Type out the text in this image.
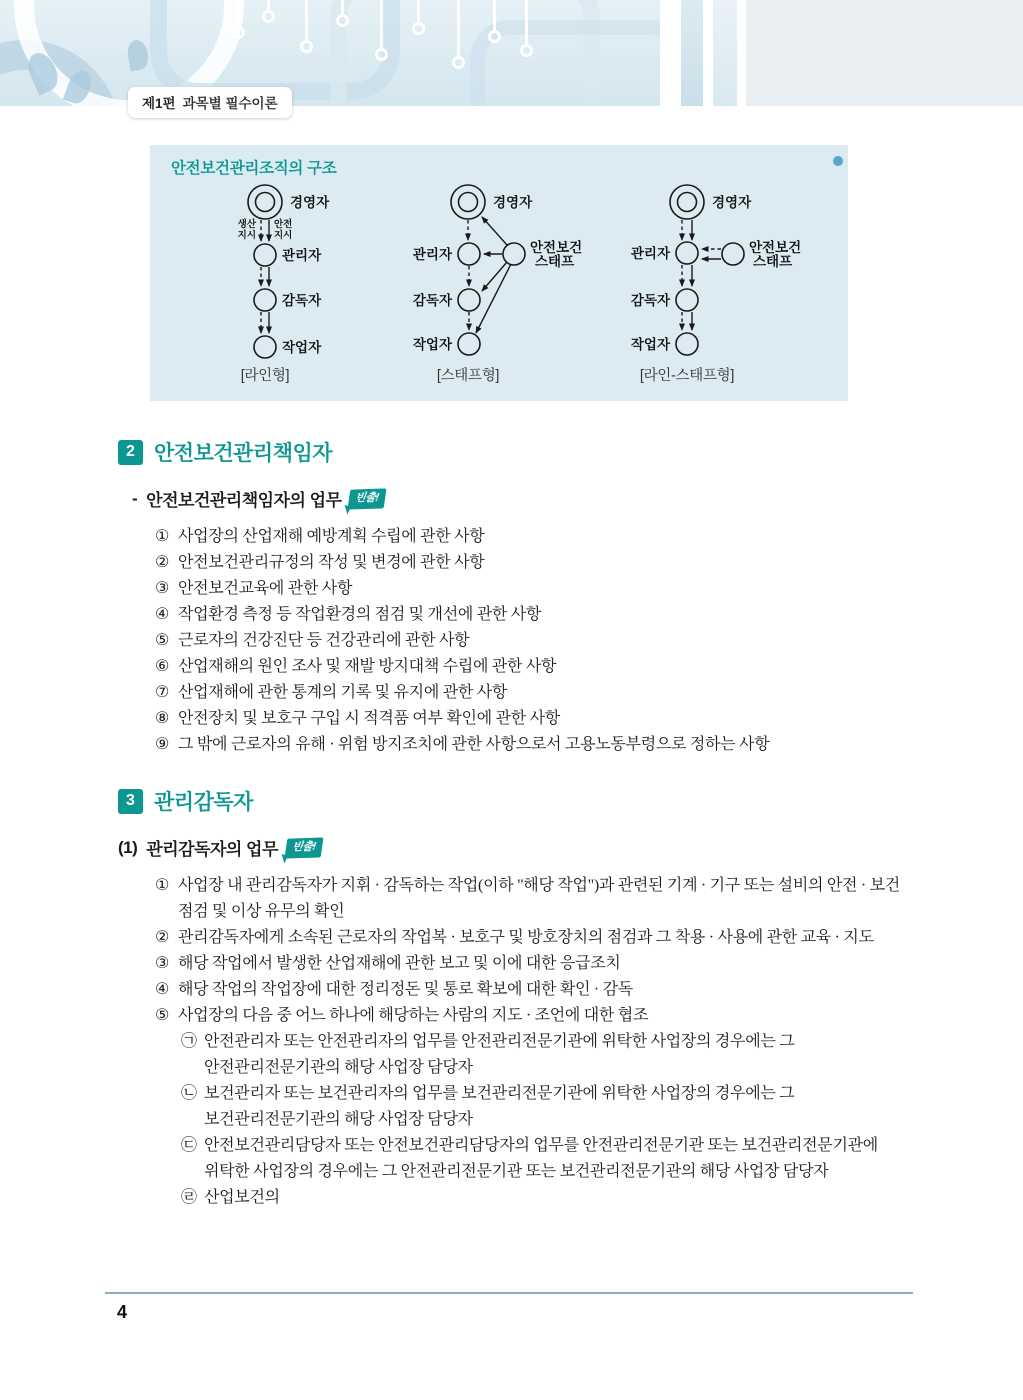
제1편 과목별 필수이론
안전보건관리조직의 구조
경영자
관리자
감독자
작업자
생산
지시
안전
지시
[라인형]
경영자
관리자
감독자
작업자
안전보건
스태프
[스태프형]
경영자
관리자
감독자
작업자
안전보건
스태프
[라인-스태프형]
2 안전보건관리책임자
- 안전보건관리책임자의 업무	빈출!
① 사업장의 산업재해 예방계획 수립에 관한 사항
② 안전보건관리규정의 작성 및 변경에 관한 사항
③ 안전보건교육에 관한 사항
④ 작업환경 측정 등 작업환경의 점검 및 개선에 관한 사항
⑤ 근로자의 건강진단 등 건강관리에 관한 사항
⑥ 산업재해의 원인 조사 및 재발 방지대책 수립에 관한 사항
⑦ 산업재해에 관한 통계의 기록 및 유지에 관한 사항
⑧ 안전장치 및 보호구 구입 시 적격품 여부 확인에 관한 사항
⑨ 그 밖에 근로자의 유해 · 위험 방지조치에 관한 사항으로서 고용노동부령으로 정하는 사항
3 관리감독자
(1) 관리감독자의 업무	빈출!
① 사업장 내 관리감독자가 지휘 · 감독하는 작업(이하 "해당 작업")과 관련된 기계 · 기구 또는 설비의 안전 · 보건 점검 및 이상 유무의 확인
② 관리감독자에게 소속된 근로자의 작업복 · 보호구 및 방호장치의 점검과 그 착용 · 사용에 관한 교육 · 지도
③ 해당 작업에서 발생한 산업재해에 관한 보고 및 이에 대한 응급조치
④ 해당 작업의 작업장에 대한 정리정돈 및 통로 확보에 대한 확인 · 감독
⑤ 사업장의 다음 중 어느 하나에 해당하는 사람의 지도 · 조언에 대한 협조
㉠ 안전관리자 또는 안전관리자의 업무를 안전관리전문기관에 위탁한 사업장의 경우에는 그 안전관리전문기관의 해당 사업장 담당자
㉡ 보건관리자 또는 보건관리자의 업무를 보건관리전문기관에 위탁한 사업장의 경우에는 그 보건관리전문기관의 해당 사업장 담당자
㉢ 안전보건관리담당자 또는 안전보건관리담당자의 업무를 안전관리전문기관 또는 보건관리전문기관에 위탁한 사업장의 경우에는 그 안전관리전문기관 또는 보건관리전문기관의 해당 사업장 담당자
㉣ 산업보건의
4
